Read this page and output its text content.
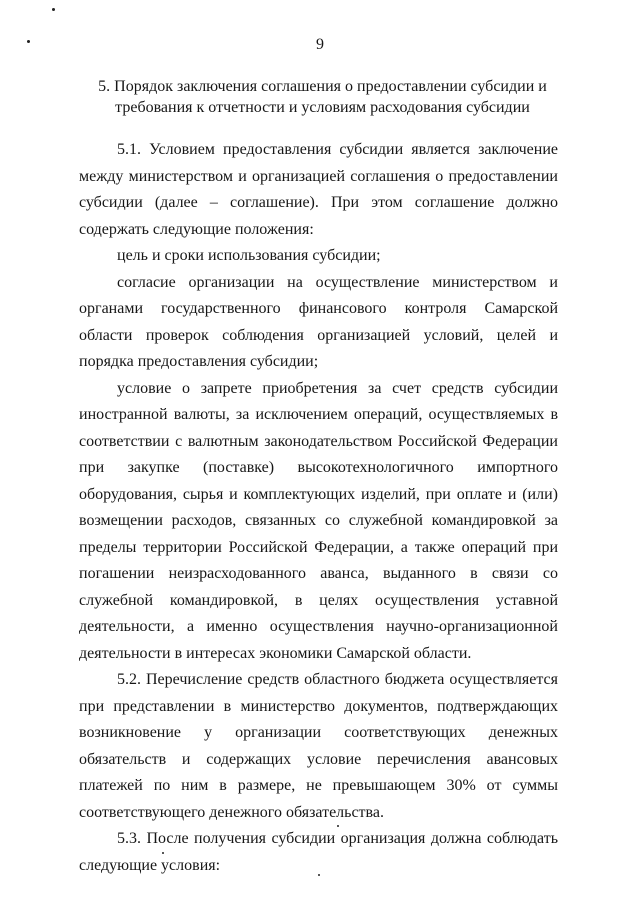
9
5. Порядок заключения соглашения о предоставлении субсидии и
требования к отчетности и условиям расходования субсидии

5.1. Условием предоставления субсидии является заключение между министерством и организацией соглашения о предоставлении субсидии (далее – соглашение). При этом соглашение должно содержать следующие положения:

цель и сроки использования субсидии;

согласие организации на осуществление министерством и органами государственного финансового контроля Самарской области проверок соблюдения организацией условий, целей и порядка предоставления субсидии;

условие о запрете приобретения за счет средств субсидии иностранной валюты, за исключением операций, осуществляемых в соответствии с валютным законодательством Российской Федерации при закупке (поставке) высокотехнологичного импортного оборудования, сырья и комплектующих изделий, при оплате и (или) возмещении расходов, связанных со служебной командировкой за пределы территории Российской Федерации, а также операций при погашении неизрасходованного аванса, выданного в связи со служебной командировкой, в целях осуществления уставной деятельности, а именно осуществления научно-организационной деятельности в интересах экономики Самарской области.

5.2. Перечисление средств областного бюджета осуществляется при представлении в министерство документов, подтверждающих возникновение у организации соответствующих денежных обязательств и содержащих условие перечисления авансовых платежей по ним в размере, не превышающем 30% от суммы соответствующего денежного обязательства.

5.3. После получения субсидии организация должна соблюдать следующие условия:
